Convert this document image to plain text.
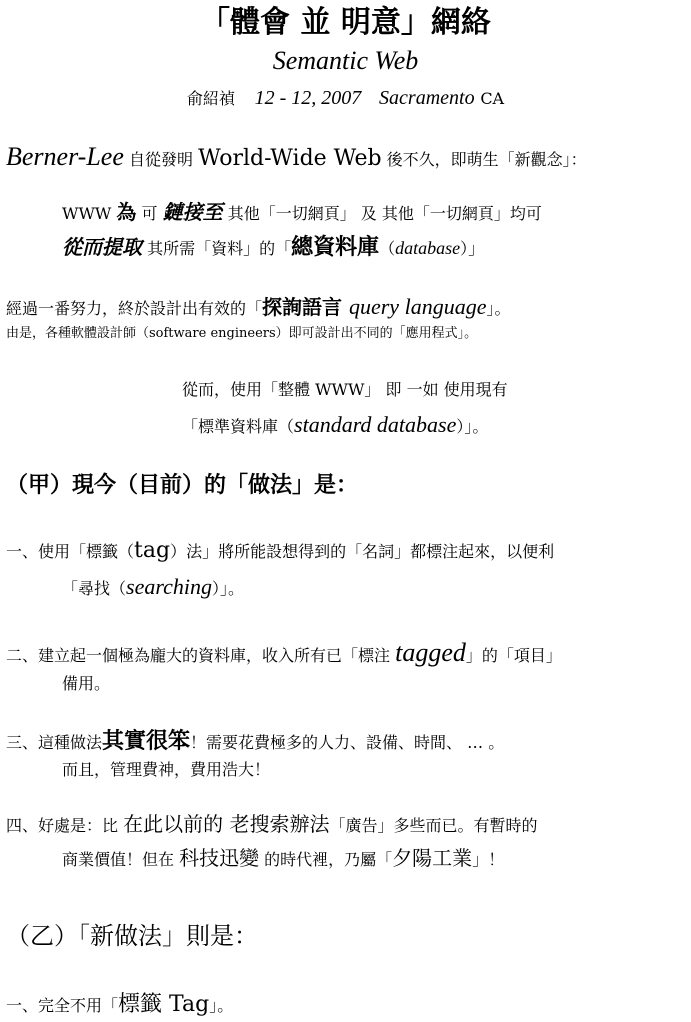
「體會 並 明意」網絡
Semantic Web
俞紹禎 12 - 12, 2007 Sacramento CA
Berner-Lee 自從發明 World-Wide Web 後不久，即萌生「新觀念」：
WWW 為 可 鏈接至 其他「一切網頁」 及 其他「一切網頁」均可
從而提取 其所需「資料」的「總資料庫（database）」
經過一番努力，終於設計出有效的「探詢語言 query language」。
由是，各種軟體設計師（software engineers）即可設計出不同的「應用程式」。
從而，使用「整體 WWW」 即 一如 使用現有
「標準資料庫（standard database）」。
（甲）現今（目前）的「做法」是：
一、使用「標籤（tag）法」將所能設想得到的「名詞」都標注起來，以便利
「尋找（searching）」。
二、建立起一個極為龐大的資料庫，收入所有已「標注 tagged」的「項目」
備用。
三、這種做法其實很笨！需要花費極多的人力、設備、時間、 … 。
而且，管理費神，費用浩大！
四、好處是：比 在此以前的 老搜索辦法「廣告」多些而已。有暫時的
商業價值！但在 科技迅變 的時代裡，乃屬「夕陽工業」！
（乙）「新做法」則是：
一、完全不用「標籤 Tag」。
